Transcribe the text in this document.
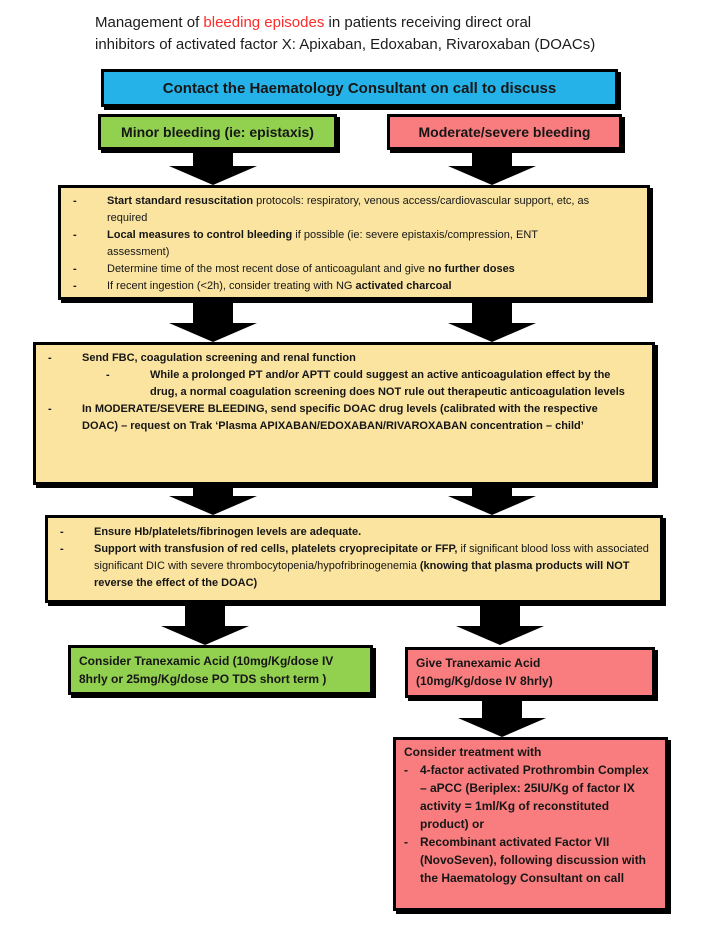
Management of bleeding episodes in patients receiving direct oral
inhibitors of activated factor X: Apixaban, Edoxaban, Rivaroxaban (DOACs)
Contact the Haematology Consultant on call to discuss
Minor bleeding (ie: epistaxis)	Moderate/severe bleeding
-	Start standard resuscitation protocols: respiratory, venous access/cardiovascular support, etc, as required
-	Local measures to control bleeding if possible (ie: severe epistaxis/compression, ENT assessment)
-	Determine time of the most recent dose of anticoagulant and give no further doses
-	If recent ingestion (<2h), consider treating with NG activated charcoal
-	Send FBC, coagulation screening and renal function
-	While a prolonged PT and/or APTT could suggest an active anticoagulation effect by the drug, a normal coagulation screening does NOT rule out therapeutic anticoagulation levels
-	In MODERATE/SEVERE BLEEDING, send specific DOAC drug levels (calibrated with the respective DOAC) – request on Trak ‘Plasma APIXABAN/EDOXABAN/RIVAROXABAN concentration – child’
-	Ensure Hb/platelets/fibrinogen levels are adequate.
-	Support with transfusion of red cells, platelets cryoprecipitate or FFP, if significant blood loss with associated significant DIC with severe thrombocytopenia/hypofribrinogenemia (knowing that plasma products will NOT reverse the effect of the DOAC)
Consider Tranexamic Acid (10mg/Kg/dose IV
8hrly or 25mg/Kg/dose PO TDS short term )
Give Tranexamic Acid
(10mg/Kg/dose IV 8hrly)
Consider treatment with
-	4-factor activated Prothrombin Complex – aPCC (Beriplex: 25IU/Kg of factor IX activity = 1ml/Kg of reconstituted product) or
-	Recombinant activated Factor VII (NovoSeven), following discussion with the Haematology Consultant on call
